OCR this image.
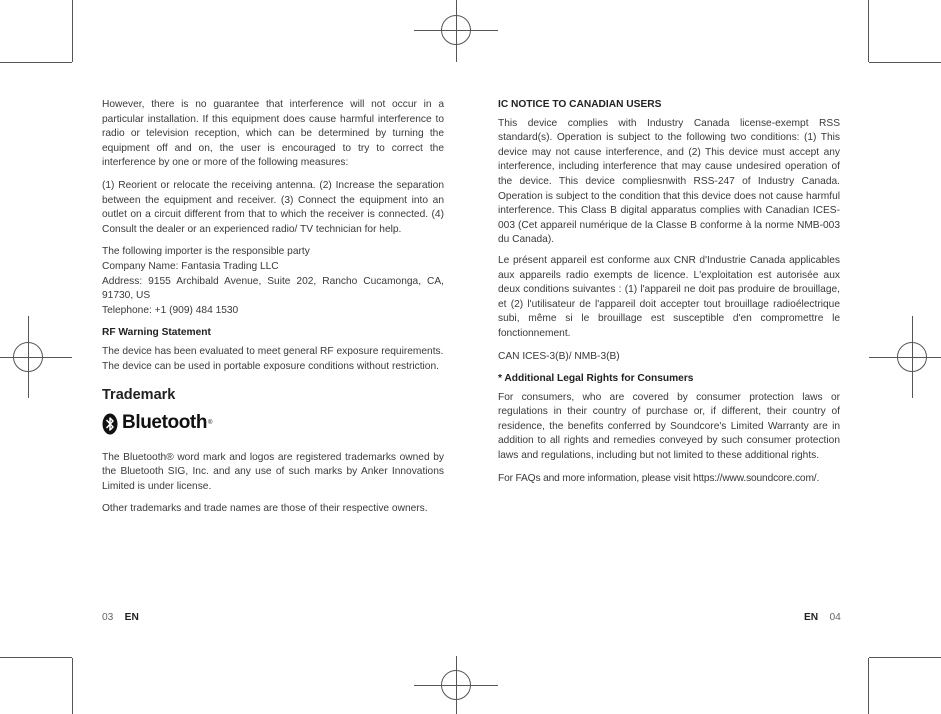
However, there is no guarantee that interference will not occur in a particular installation. If this equipment does cause harmful interference to radio or television reception, which can be determined by turning the equipment off and on, the user is encouraged to try to correct the interference by one or more of the following measures:

(1) Reorient or relocate the receiving antenna. (2) Increase the separation between the equipment and receiver. (3) Connect the equipment into an outlet on a circuit different from that to which the receiver is connected. (4) Consult the dealer or an experienced radio/ TV technician for help.

The following importer is the responsible party
Company Name: Fantasia Trading LLC
Address: 9155 Archibald Avenue, Suite 202, Rancho Cucamonga, CA, 91730, US
Telephone: +1 (909) 484 1530

RF Warning Statement

The device has been evaluated to meet general RF exposure requirements. The device can be used in portable exposure conditions without restriction.

Trademark
Bluetooth ®

The Bluetooth® word mark and logos are registered trademarks owned by the Bluetooth SIG, Inc. and any use of such marks by Anker Innovations Limited is under license.

Other trademarks and trade names are those of their respective owners.

IC NOTICE TO CANADIAN USERS

This device complies with Industry Canada license-exempt RSS standard(s). Operation is subject to the following two conditions: (1) This device may not cause interference, and (2) This device must accept any interference, including interference that may cause undesired operation of the device. This device compliesnwith RSS-247 of Industry Canada. Operation is subject to the condition that this device does not cause harmful interference. This Class B digital apparatus complies with Canadian ICES-003 (Cet appareil numérique de la Classe B conforme à la norme NMB-003 du Canada).

Le présent appareil est conforme aux CNR d'Industrie Canada applicables aux appareils radio exempts de licence. L'exploitation est autorisée aux deux conditions suivantes : (1) l'appareil ne doit pas produire de brouillage, et (2) l'utilisateur de l'appareil doit accepter tout brouillage radioélectrique subi, même si le brouillage est susceptible d'en compromettre le fonctionnement.

CAN ICES-3(B)/ NMB-3(B)

* Additional Legal Rights for Consumers

For consumers, who are covered by consumer protection laws or regulations in their country of purchase or, if different, their country of residence, the benefits conferred by Soundcore's Limited Warranty are in addition to all rights and remedies conveyed by such consumer protection laws and regulations, including but not limited to these additional rights.

For FAQs and more information, please visit https://www.soundcore.com/.

03 EN	EN 04
